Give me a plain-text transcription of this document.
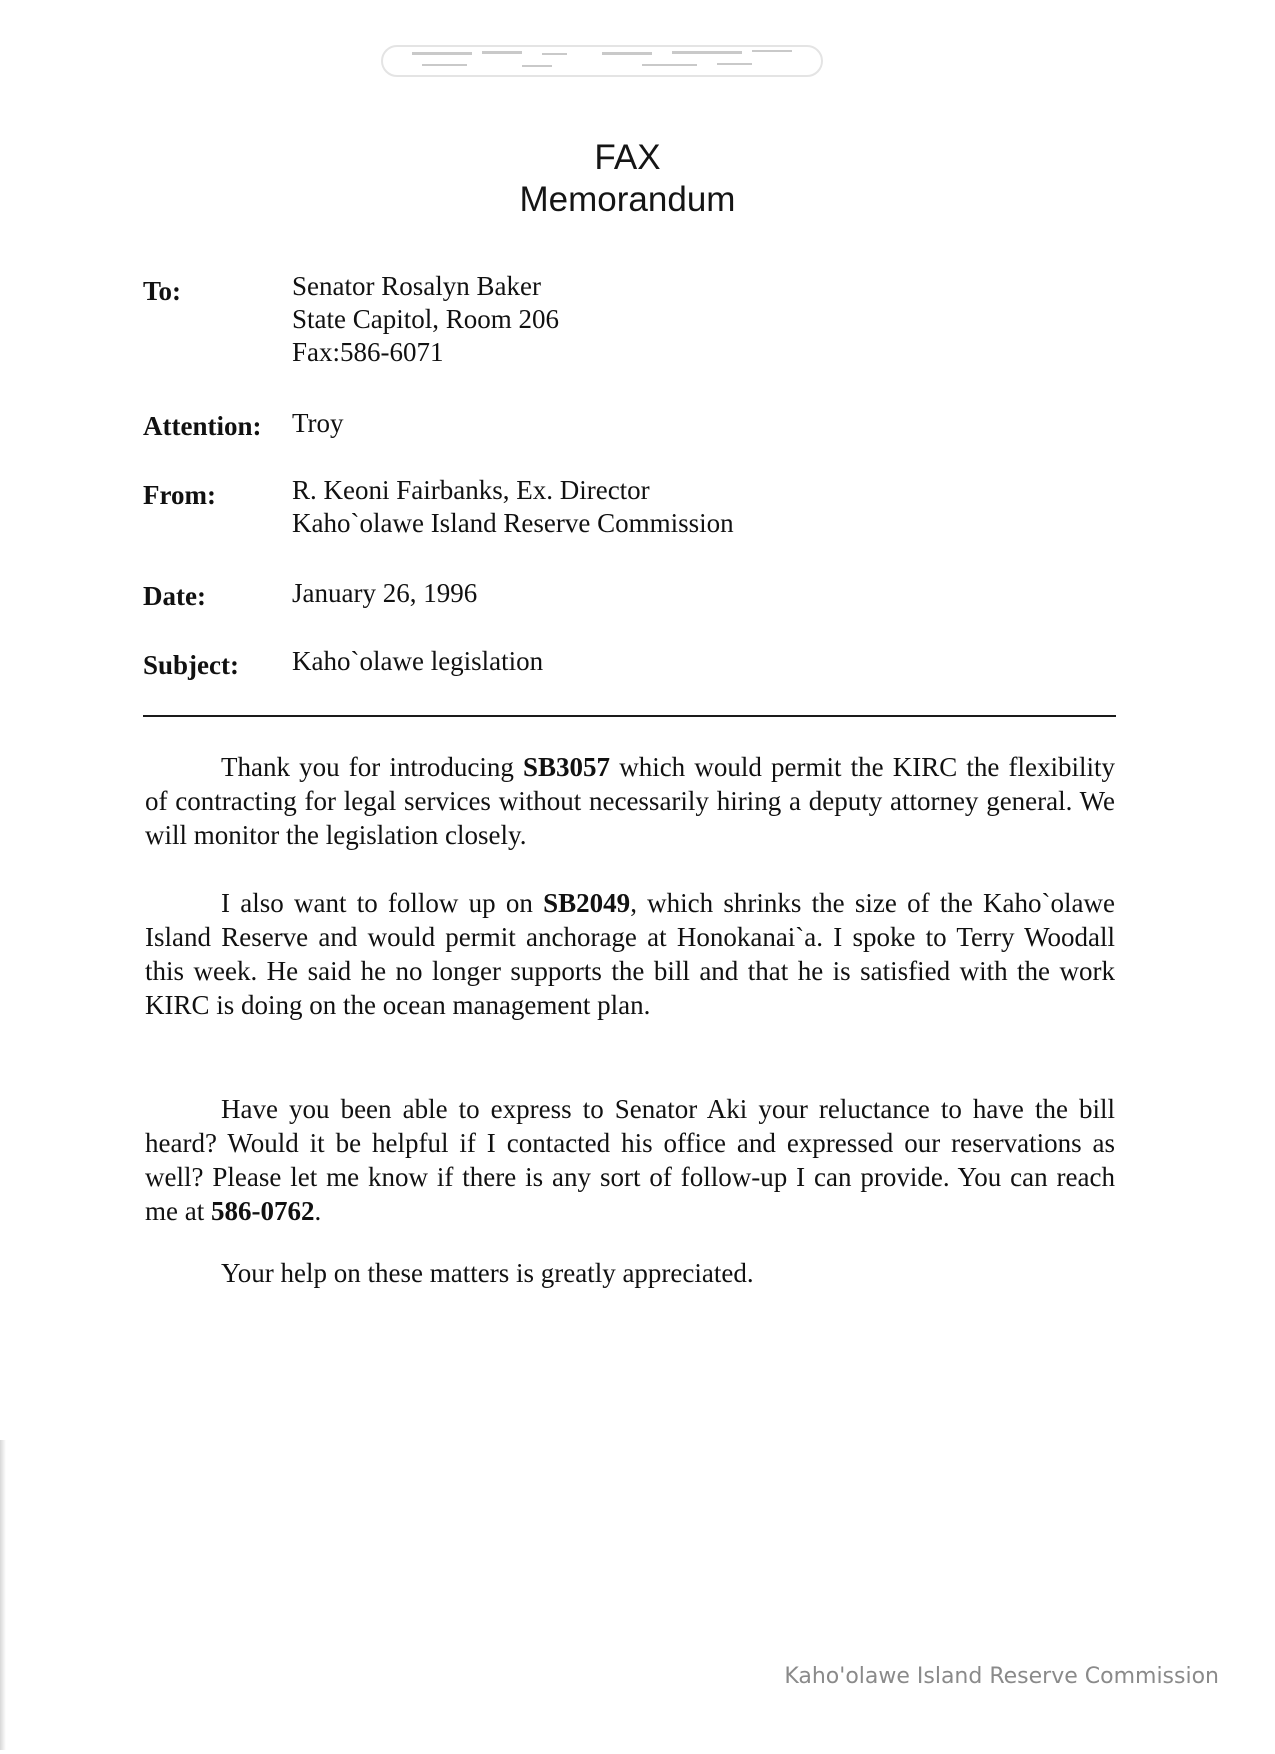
FAX
Memorandum
To:	Senator Rosalyn Baker
State Capitol, Room 206
Fax:586-6071
Attention: Troy
From:	R. Keoni Fairbanks, Ex. Director
Kaho`olawe Island Reserve Commission
Date:	January 26, 1996
Subject: Kaho`olawe legislation

Thank you for introducing SB3057 which would permit the KIRC the flexibility of contracting for legal services without necessarily hiring a deputy attorney general. We will monitor the legislation closely.

I also want to follow up on SB2049, which shrinks the size of the Kaho`olawe Island Reserve and would permit anchorage at Honokanai`a. I spoke to Terry Woodall this week. He said he no longer supports the bill and that he is satisfied with the work KIRC is doing on the ocean management plan.

Have you been able to express to Senator Aki your reluctance to have the bill heard? Would it be helpful if I contacted his office and expressed our reservations as well? Please let me know if there is any sort of follow-up I can provide. You can reach me at 586-0762.

Your help on these matters is greatly appreciated.

Kaho'olawe Island Reserve Commission
